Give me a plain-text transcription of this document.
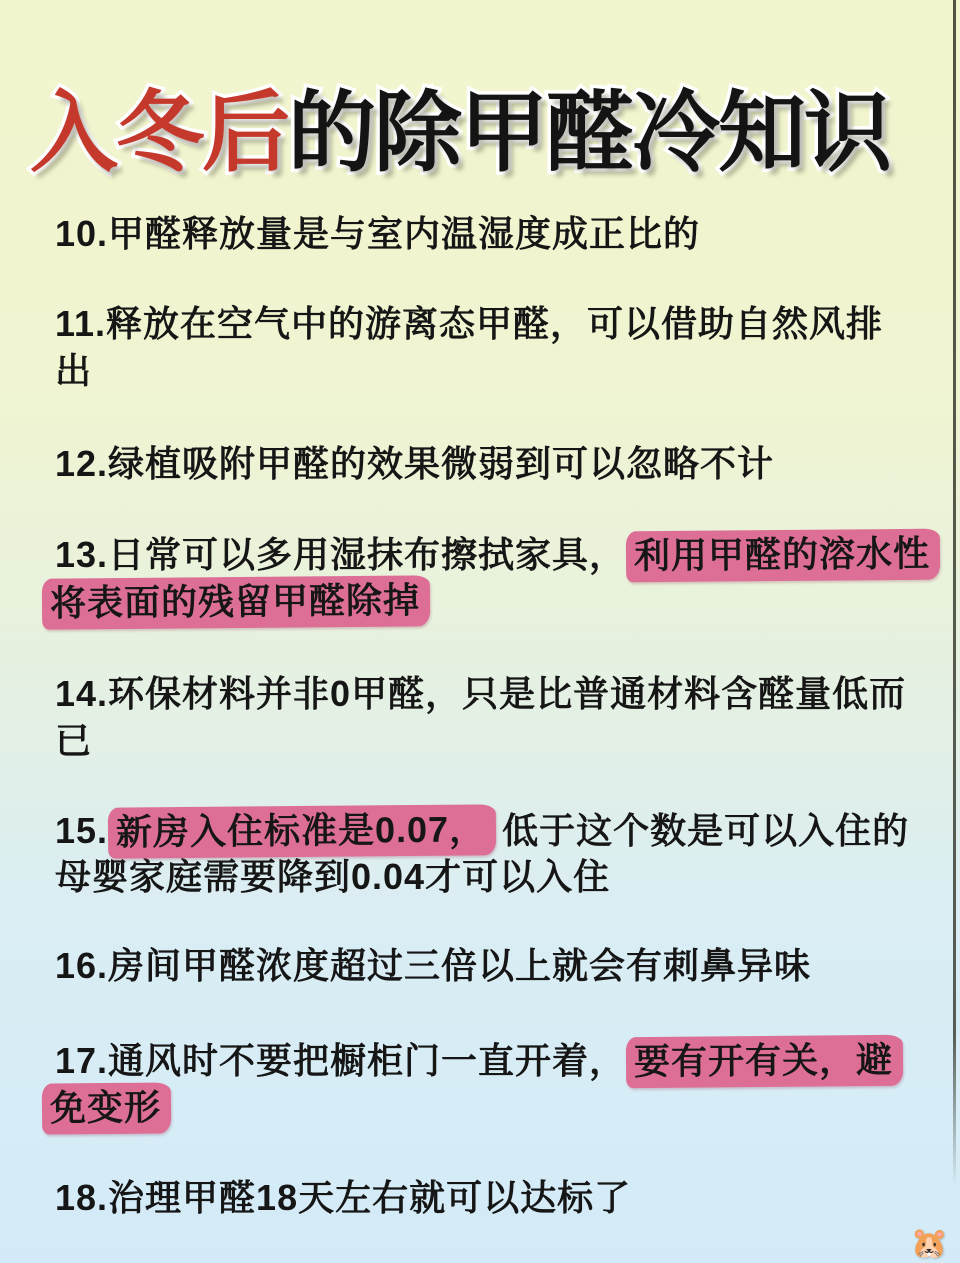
入冬后的除甲醛冷知识

10.甲醛释放量是与室内温湿度成正比的

11.释放在空气中的游离态甲醛，可以借助自然风排
出

12.绿植吸附甲醛的效果微弱到可以忽略不计

13.日常可以多用湿抹布擦拭家具， 利用甲醛的溶水性
将表面的残留甲醛除掉

14.环保材料并非0甲醛，只是比普通材料含醛量低而
已

15. 新房入住标准是0.07， 低于这个数是可以入住的
母婴家庭需要降到0.04才可以入住

16.房间甲醛浓度超过三倍以上就会有刺鼻异味

17.通风时不要把橱柜门一直开着， 要有开有关，避
免变形

18.治理甲醛18天左右就可以达标了

🐹
